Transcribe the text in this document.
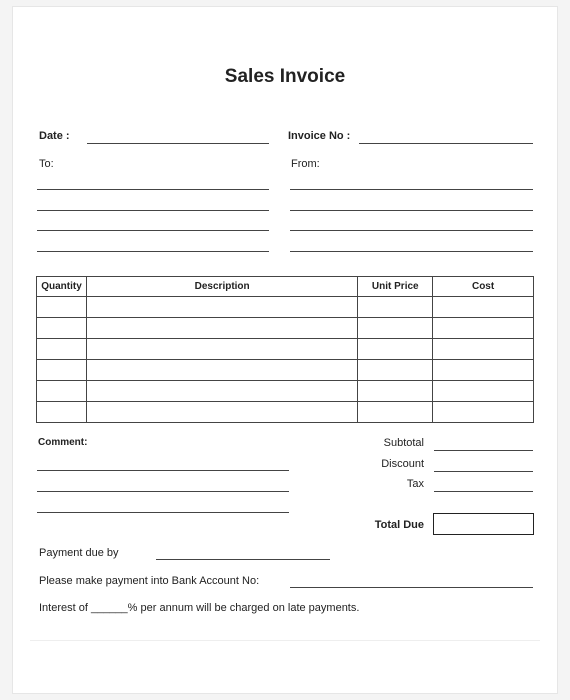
Sales Invoice
Date :	Invoice No :
To:	From:
Quantity	Description	Unit Price	Cost

Comment:	Subtotal
Discount
Tax
Total Due
Payment due by
Please make payment into Bank Account No:
Interest of ______% per annum will be charged on late payments.
